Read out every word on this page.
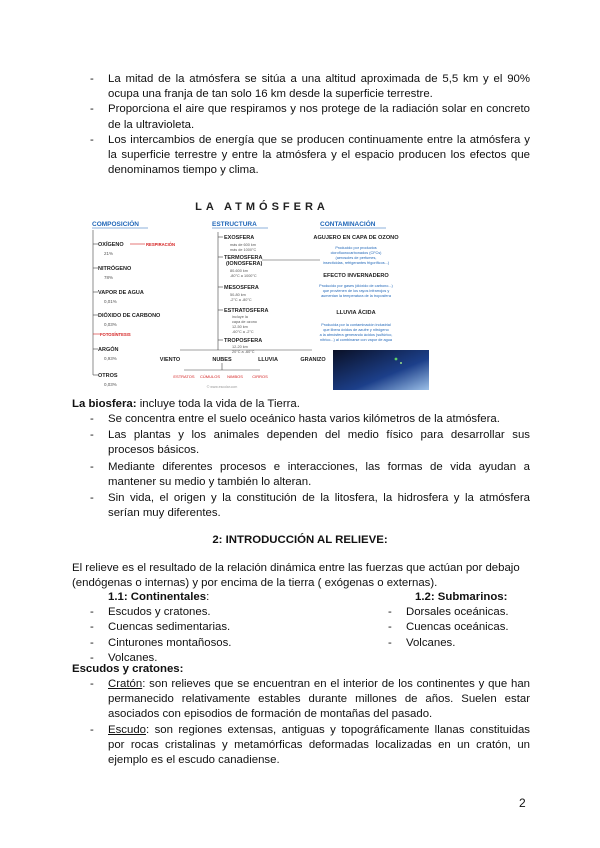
- La mitad de la atmósfera se sitúa a una altitud aproximada de 5,5 km y el 90% ocupa una franja de tan solo 16 km desde la superficie terrestre.
- Proporciona el aire que respiramos y nos protege de la radiación solar en concreto de la ultravioleta.
- Los intercambios de energía que se producen continuamente entre la atmósfera y la superficie terrestre y entre la atmósfera y el espacio producen los efectos que denominamos tiempo y clima.
LA ATMÓSFERA
COMPOSICIÓN	ESTRUCTURA	CONTAMINACIÓN
OXÍGENO
21%
RESPIRACIÓN
NITRÓGENO
78%
VAPOR DE AGUA
0,01%
DIÓXIDO DE CARBONO
0,03%
FOTOSÍNTESIS
ARGÓN
0,93%
OTROS
0,03%
EXOSFERA
más de 600 km
más de 1000°C
TERMOSFERA
(IONOSFERA)
80-600 km
-80°C a 1000°C
MESOSFERA
50-80 km
-2°C a -80°C
ESTRATOSFERA
incluye la
capa de ozono
12-50 km
-60°C a -2°C
TROPOSFERA
12-20 km
20°C a -60°C
AGUJERO EN CAPA DE OZONO
Producido por productos
clorofluorocarbonados (CFCs)
(aerosoles de perfumes,
insecticidas, refrigerantes frigoríficos...)
EFECTO INVERNADERO
Producido por gases (dióxido de carbono...)
que provienen de los rayos infrarrojos y
aumentan la temperatura de la troposfera
LLUVIA ÁCIDA
Producida por la contaminación industrial
que libera óxidos de azufre y nitrógeno
a la atmósfera generando ácidos (sulfúrico,
nítrico...) al combinarse con vapor de agua
VIENTO	NUBES	LLUVIA	GRANIZO
ESTRATOS CÚMULOS NIMBOS CIRROS
© www.escolar.com
La biosfera: incluye toda la vida de la Tierra.
- Se concentra entre el suelo oceánico hasta varios kilómetros de la atmósfera.
- Las plantas y los animales dependen del medio físico para desarrollar sus procesos básicos.
- Mediante diferentes procesos e interacciones, las formas de vida ayudan a mantener su medio y también lo alteran.
- Sin vida, el origen y la constitución de la litosfera, la hidrosfera y la atmósfera serían muy diferentes.
2: INTRODUCCIÓN AL RELIEVE:
El relieve es el resultado de la relación dinámica entre las fuerzas que actúan por debajo (endógenas o internas) y por encima de la tierra ( exógenas o externas).
1.1: Continentales:
- Escudos y cratones.
- Cuencas sedimentarias.
- Cinturones montañosos.
- Volcanes.
1.2: Submarinos:
- Dorsales oceánicas.
- Cuencas oceánicas.
- Volcanes.
Escudos y cratones:
- Cratón: son relieves que se encuentran en el interior de los continentes y que han permanecido relativamente estables durante millones de años. Suelen estar asociados con episodios de formación de montañas del pasado.
- Escudo: son regiones extensas, antiguas y topográficamente llanas constituidas por rocas cristalinas y metamórficas deformadas localizadas en un cratón, un ejemplo es el escudo canadiense.
2
